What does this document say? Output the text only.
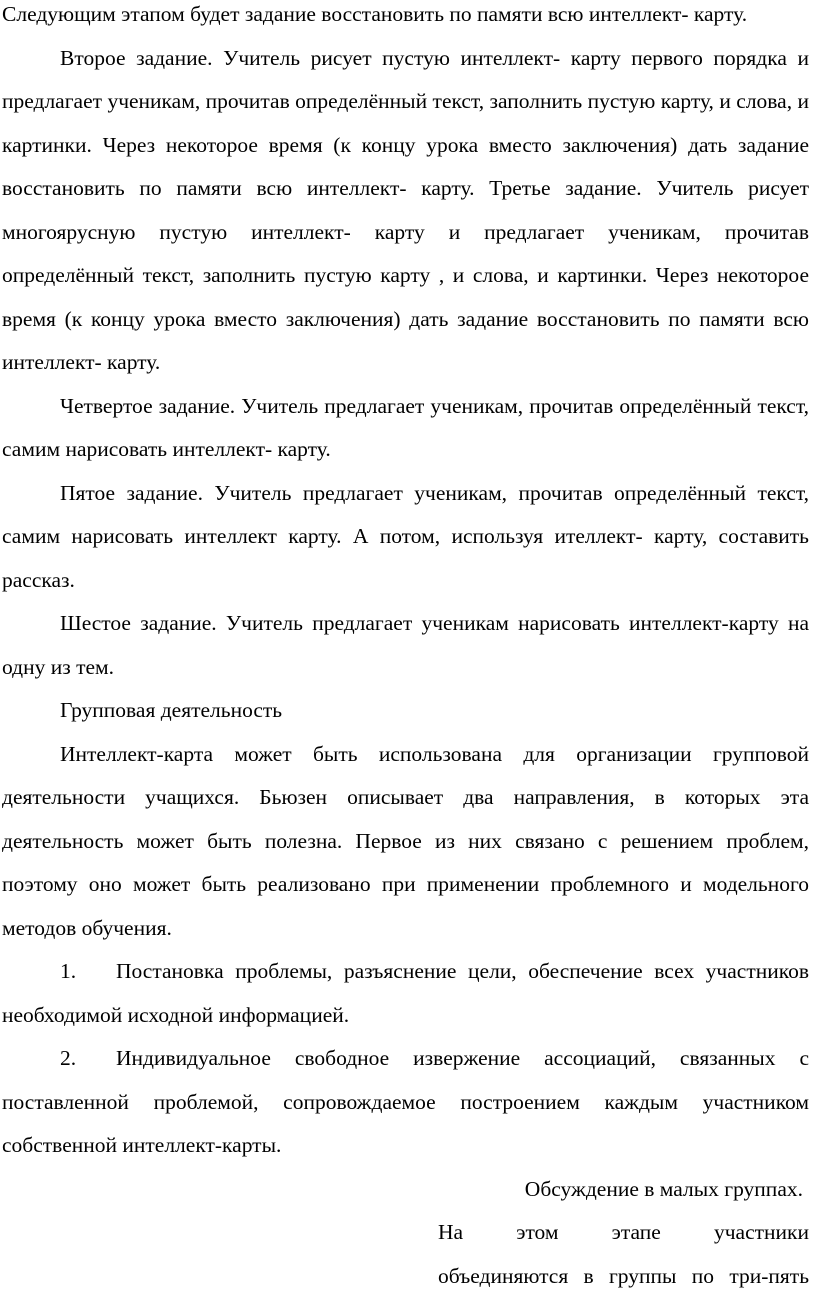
Следующим этапом будет задание восстановить по памяти всю интеллект- карту.

Второе задание. Учитель рисует пустую интеллект- карту первого порядка и предлагает ученикам, прочитав определённый текст, заполнить пустую карту, и слова, и картинки. Через некоторое время (к концу урока вместо заключения) дать задание восстановить по памяти всю интеллект- карту. Третье задание. Учитель рисует многоярусную пустую интеллект- карту и предлагает ученикам, прочитав определённый текст, заполнить пустую карту , и слова, и картинки. Через некоторое время (к концу урока вместо заключения) дать задание восстановить по памяти всю интеллект- карту.

Четвертое задание. Учитель предлагает ученикам, прочитав определённый текст, самим нарисовать интеллект- карту.

Пятое задание. Учитель предлагает ученикам, прочитав определённый текст, самим нарисовать интеллект карту. А потом, используя ителлект- карту, составить рассказ.

Шестое задание. Учитель предлагает ученикам нарисовать интеллект-карту на одну из тем.

Групповая деятельность

Интеллект-карта может быть использована для организации групповой деятельности учащихся. Бьюзен описывает два направления, в которых эта деятельность может быть полезна. Первое из них связано с решением проблем, поэтому оно может быть реализовано при применении проблемного и модельного методов обучения.

1. Постановка проблемы, разъяснение цели, обеспечение всех участников необходимой исходной информацией.

2. Индивидуальное свободное извержение ассоциаций, связанных с поставленной проблемой, сопровождаемое построением каждым участником собственной интеллект-карты.

Обсуждение в малых группах.

На этом этапе участники

объединяются в группы по три-пять
